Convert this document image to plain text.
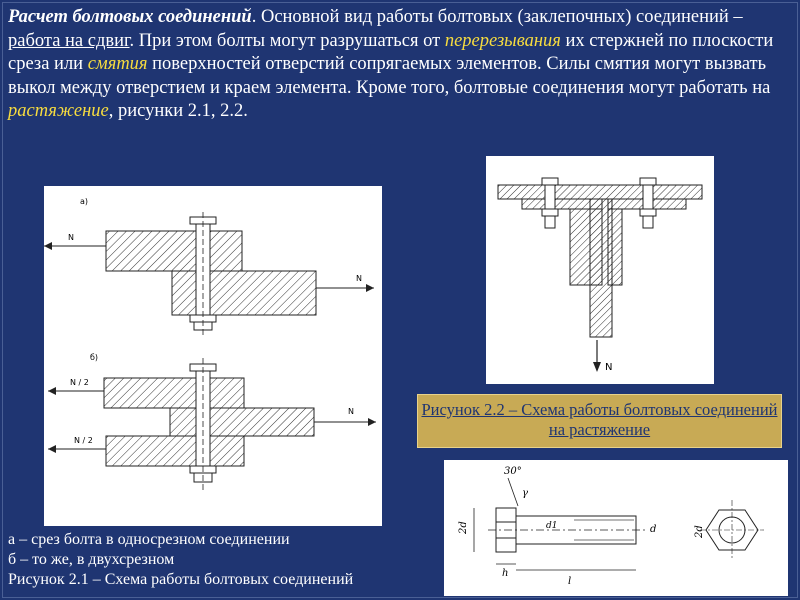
Расчет болтовых соединений. Основной вид работы болтовых (заклепочных) соединений – работа на сдвиг. При этом болты могут разрушаться от перерезывания их стержней по плоскости среза или смятия поверхностей отверстий сопрягаемых элементов. Силы смятия могут вызвать выкол между отверстием и краем элемента. Кроме того, болтовые соединения могут работать на растяжение, рисунки 2.1, 2.2.
а)
N
N
б)
N / 2
N / 2
N
N
Рисунок 2.2 – Схема работы болтовых соединений на растяжение
2d
30°
γ
d1	d
h
l
2d
а – срез болта в односрезном соединении
б – то же, в двухсрезном
Рисунок 2.1 – Схема работы болтовых соединений
